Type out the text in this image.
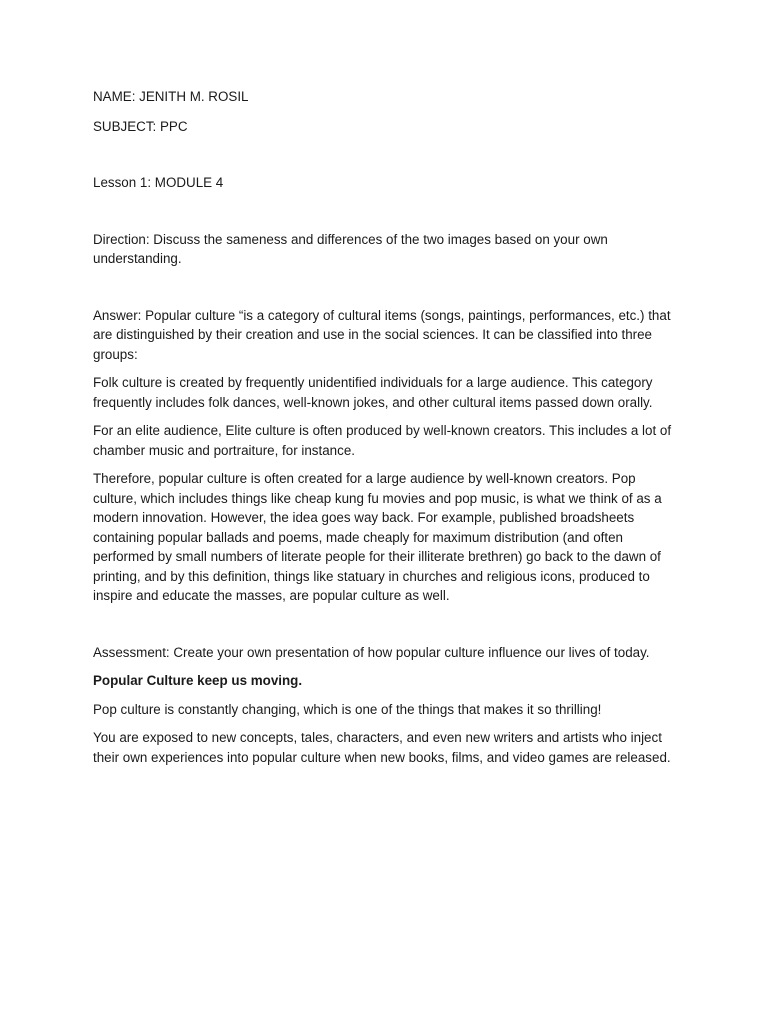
NAME: JENITH M. ROSIL

SUBJECT: PPC

Lesson 1: MODULE 4

Direction: Discuss the sameness and differences of the two images based on your own understanding.

Answer: Popular culture “is a category of cultural items (songs, paintings, performances, etc.) that are distinguished by their creation and use in the social sciences. It can be classified into three groups:

Folk culture is created by frequently unidentified individuals for a large audience. This category frequently includes folk dances, well-known jokes, and other cultural items passed down orally.

For an elite audience, Elite culture is often produced by well-known creators. This includes a lot of chamber music and portraiture, for instance.

Therefore, popular culture is often created for a large audience by well-known creators. Pop culture, which includes things like cheap kung fu movies and pop music, is what we think of as a modern innovation. However, the idea goes way back. For example, published broadsheets containing popular ballads and poems, made cheaply for maximum distribution (and often performed by small numbers of literate people for their illiterate brethren) go back to the dawn of printing, and by this definition, things like statuary in churches and religious icons, produced to inspire and educate the masses, are popular culture as well.

Assessment: Create your own presentation of how popular culture influence our lives of today.

Popular Culture keep us moving.

Pop culture is constantly changing, which is one of the things that makes it so thrilling!

You are exposed to new concepts, tales, characters, and even new writers and artists who inject their own experiences into popular culture when new books, films, and video games are released.
